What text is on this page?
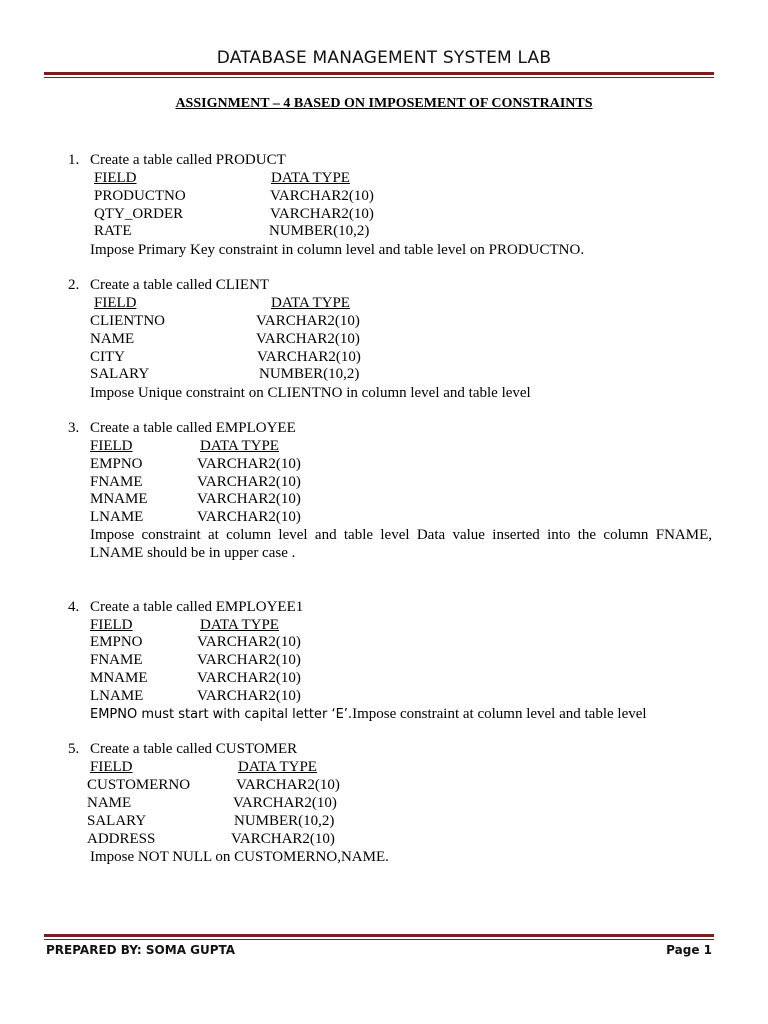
DATABASE MANAGEMENT SYSTEM LAB
ASSIGNMENT – 4 BASED ON IMPOSEMENT OF CONSTRAINTS
1. Create a table called PRODUCT
FIELD	DATA TYPE
PRODUCTNO	VARCHAR2(10)
QTY_ORDER	VARCHAR2(10)
RATE	NUMBER(10,2)
Impose Primary Key constraint in column level and table level on PRODUCTNO.
2. Create a table called CLIENT
FIELD	DATA TYPE
CLIENTNO	VARCHAR2(10)
NAME	VARCHAR2(10)
CITY	VARCHAR2(10)
SALARY	NUMBER(10,2)
Impose Unique constraint on CLIENTNO in column level and table level
3. Create a table called EMPLOYEE
FIELD	DATA TYPE
EMPNO	VARCHAR2(10)
FNAME	VARCHAR2(10)
MNAME	VARCHAR2(10)
LNAME	VARCHAR2(10)
Impose constraint at column level and table level Data value inserted into the column FNAME,
LNAME should be in upper case .
4. Create a table called EMPLOYEE1
FIELD	DATA TYPE
EMPNO	VARCHAR2(10)
FNAME	VARCHAR2(10)
MNAME	VARCHAR2(10)
LNAME	VARCHAR2(10)
EMPNO must start with capital letter ‘E’.Impose constraint at column level and table level
5. Create a table called CUSTOMER
FIELD	DATA TYPE
CUSTOMERNO	VARCHAR2(10)
NAME	VARCHAR2(10)
SALARY	NUMBER(10,2)
ADDRESS	VARCHAR2(10)
Impose NOT NULL on CUSTOMERNO,NAME.
PREPARED BY: SOMA GUPTA	Page 1
